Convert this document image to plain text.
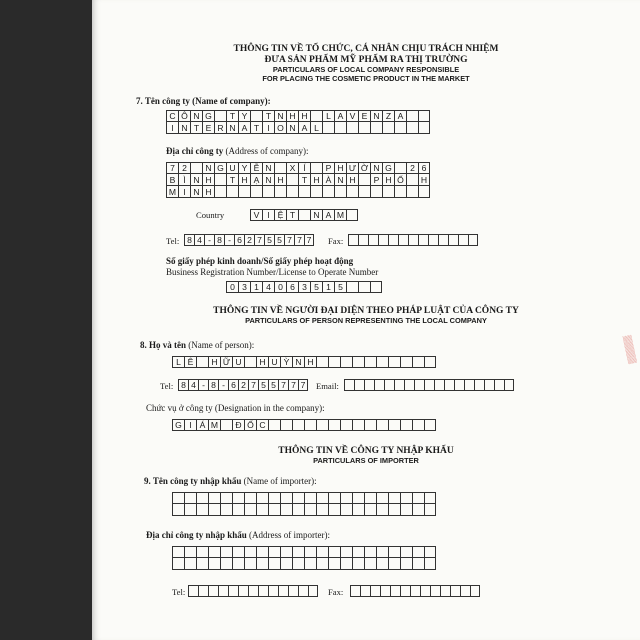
THÔNG TIN VỀ TỔ CHỨC, CÁ NHÂN CHỊU TRÁCH NHIỆM
ĐƯA SẢN PHẨM MỸ PHẨM RA THỊ TRƯỜNG
PARTICULARS OF LOCAL COMPANY RESPONSIBLE
FOR PLACING THE COSMETIC PRODUCT IN THE MARKET
7. Tên công ty (Name of company):
C Ô N G	T Y	T N H H	L A V E N Z A
I N T E R N A T I O N A L
Địa chỉ công ty (Address of company):
7 2	N G U Y Ễ N	X Í	P H Ư Ờ N G	2 6
B Ì N H	T H Ạ N H	T H À N H	P H Ố	H
M I N H
Country	V I Ệ T	N A M
Tel: 8 4 - 8 - 6 2 7 5 5 7 7 7	Fax:
Số giấy phép kinh doanh/Số giấy phép hoạt động
Business Registration Number/License to Operate Number
0 3 1 4 0 6 3 5 1 5
THÔNG TIN VỀ NGƯỜI ĐẠI DIỆN THEO PHÁP LUẬT CỦA CÔNG TY
PARTICULARS OF PERSON REPRESENTING THE LOCAL COMPANY
8. Họ và tên (Name of person):
L Ê	H Ữ U	H U Ỳ N H
Tel: 8 4 - 8 - 6 2 7 5 5 7 7 7	Email:
Chức vụ ở công ty (Designation in the company):
G I Á M	Đ Ố C
THÔNG TIN VỀ CÔNG TY NHẬP KHẨU
PARTICULARS OF IMPORTER
9. Tên công ty nhập khẩu (Name of importer):
Địa chỉ công ty nhập khẩu (Address of importer):
Tel:	Fax:
▒▒▒▒▒
